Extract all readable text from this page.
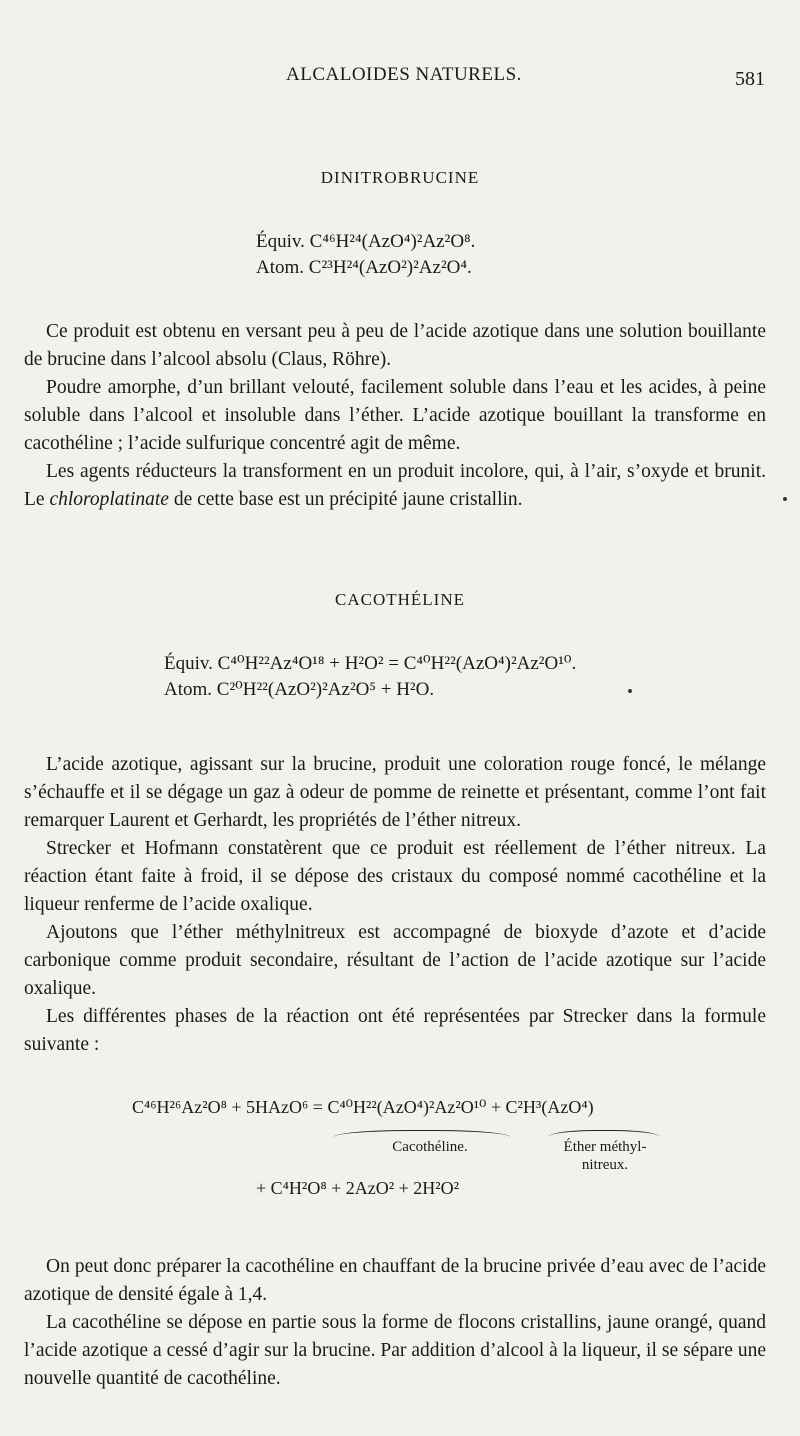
ALCALOIDES NATURELS.	581
DINITROBRUCINE
Équiv. C⁴⁶H²⁴(AzO⁴)²Az²O⁸.
Atom. C²³H²⁴(AzO²)²Az²O⁴.

Ce produit est obtenu en versant peu à peu de l’acide azotique dans une solution bouillante de brucine dans l’alcool absolu (Claus, Röhre).

Poudre amorphe, d’un brillant velouté, facilement soluble dans l’eau et les acides, à peine soluble dans l’alcool et insoluble dans l’éther. L’acide azotique bouillant la transforme en cacothéline ; l’acide sulfurique concentré agit de même.

Les agents réducteurs la transforment en un produit incolore, qui, à l’air, s’oxyde et brunit. Le chloroplatinate de cette base est un précipité jaune cristallin.

CACOTHÉLINE
Équiv. C⁴⁰H²²Az⁴O¹⁸ + H²O² = C⁴⁰H²²(AzO⁴)²Az²O¹⁰.
Atom. C²⁰H²²(AzO²)²Az²O⁵ + H²O.

L’acide azotique, agissant sur la brucine, produit une coloration rouge foncé, le mélange s’échauffe et il se dégage un gaz à odeur de pomme de reinette et présentant, comme l’ont fait remarquer Laurent et Gerhardt, les propriétés de l’éther nitreux.

Strecker et Hofmann constatèrent que ce produit est réellement de l’éther nitreux. La réaction étant faite à froid, il se dépose des cristaux du composé nommé cacothéline et la liqueur renferme de l’acide oxalique.

Ajoutons que l’éther méthylnitreux est accompagné de bioxyde d’azote et d’acide carbonique comme produit secondaire, résultant de l’action de l’acide azotique sur l’acide oxalique.

Les différentes phases de la réaction ont été représentées par Strecker dans la formule suivante :

C⁴⁶H²⁶Az²O⁸ + 5HAzO⁶ = C⁴⁰H²²(AzO⁴)²Az²O¹⁰ + C²H³(AzO⁴)
Cacothéline.	Éther méthyl-
nitreux.
+ C⁴H²O⁸ + 2AzO² + 2H²O²

On peut donc préparer la cacothéline en chauffant de la brucine privée d’eau avec de l’acide azotique de densité égale à 1,4.

La cacothéline se dépose en partie sous la forme de flocons cristallins, jaune orangé, quand l’acide azotique a cessé d’agir sur la brucine. Par addition d’alcool à la liqueur, il se sépare une nouvelle quantité de cacothéline.
